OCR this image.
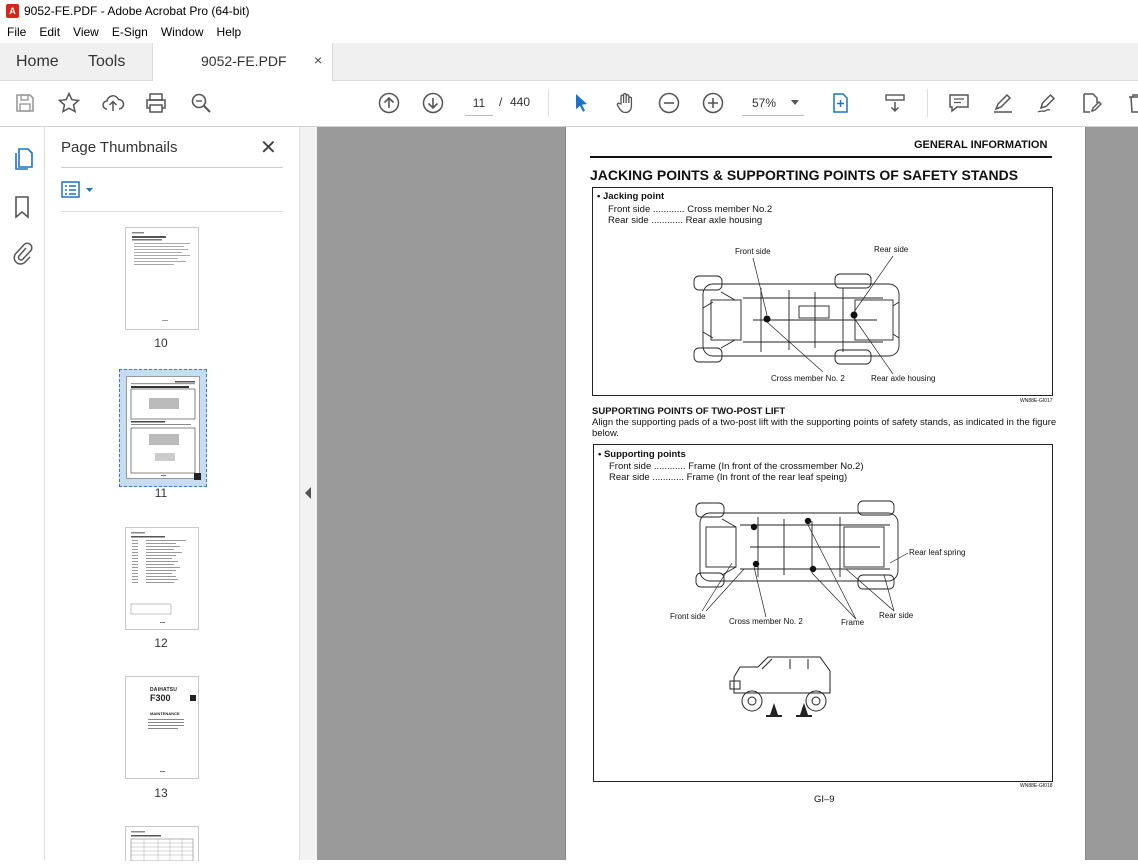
A 9052-FE.PDF - Adobe Acrobat Pro (64-bit)
File	Edit	View	E-Sign	Window	Help
Home Tools	9052-FE.PDF ×
11	/ 440	57%
Page Thumbnails	✕
10
11
12
DAIHATSU
F300
MAINTENANCE
13
GENERAL INFORMATION
JACKING POINTS & SUPPORTING POINTS OF SAFETY STANDS
• Jacking point
Front side ............ Cross member No.2
Rear side ............ Rear axle housing
Front side	Rear side
Cross member No. 2	Rear axle housing
WN88E-GI017
SUPPORTING POINTS OF TWO-POST LIFT
Align the supporting pads of a two-post lift with the supporting points of safety stands, as indicated in the figure
below.
• Supporting points
Front side ............ Frame (In front of the crossmember No.2)
Rear side ............ Frame (In front of the rear leaf speing)
Rear leaf spring
Front side
Cross member No. 2	Frame
Rear side
WN88E-GI018
GI–9
